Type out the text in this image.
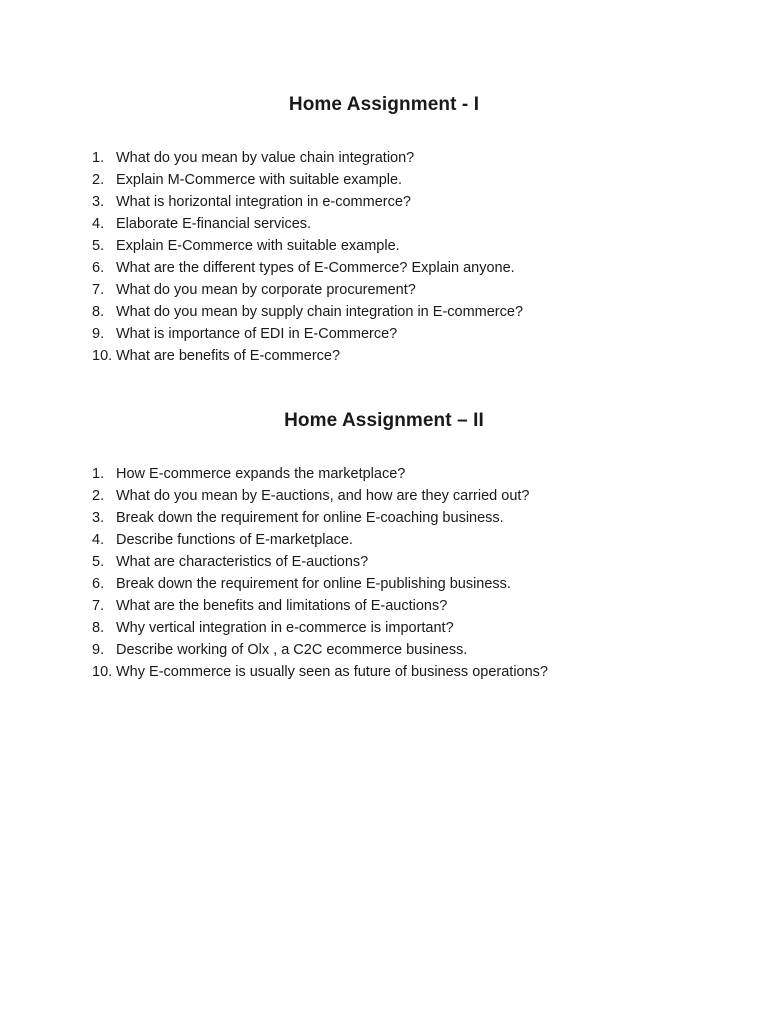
Home Assignment - I
1. What do you mean by value chain integration?
2. Explain M-Commerce with suitable example.
3. What is horizontal integration in e-commerce?
4. Elaborate E-financial services.
5. Explain E-Commerce with suitable example.
6. What are the different types of E-Commerce? Explain anyone.
7. What do you mean by corporate procurement?
8. What do you mean by supply chain integration in E-commerce?
9. What is importance of EDI in E-Commerce?
10. What are benefits of E-commerce?
Home Assignment – II
1. How E-commerce expands the marketplace?
2. What do you mean by E-auctions, and how are they carried out?
3. Break down the requirement for online E-coaching business.
4. Describe functions of E-marketplace.
5. What are characteristics of E-auctions?
6. Break down the requirement for online E-publishing business.
7. What are the benefits and limitations of E-auctions?
8. Why vertical integration in e-commerce is important?
9. Describe working of Olx , a C2C ecommerce business.
10. Why E-commerce is usually seen as future of business operations?
